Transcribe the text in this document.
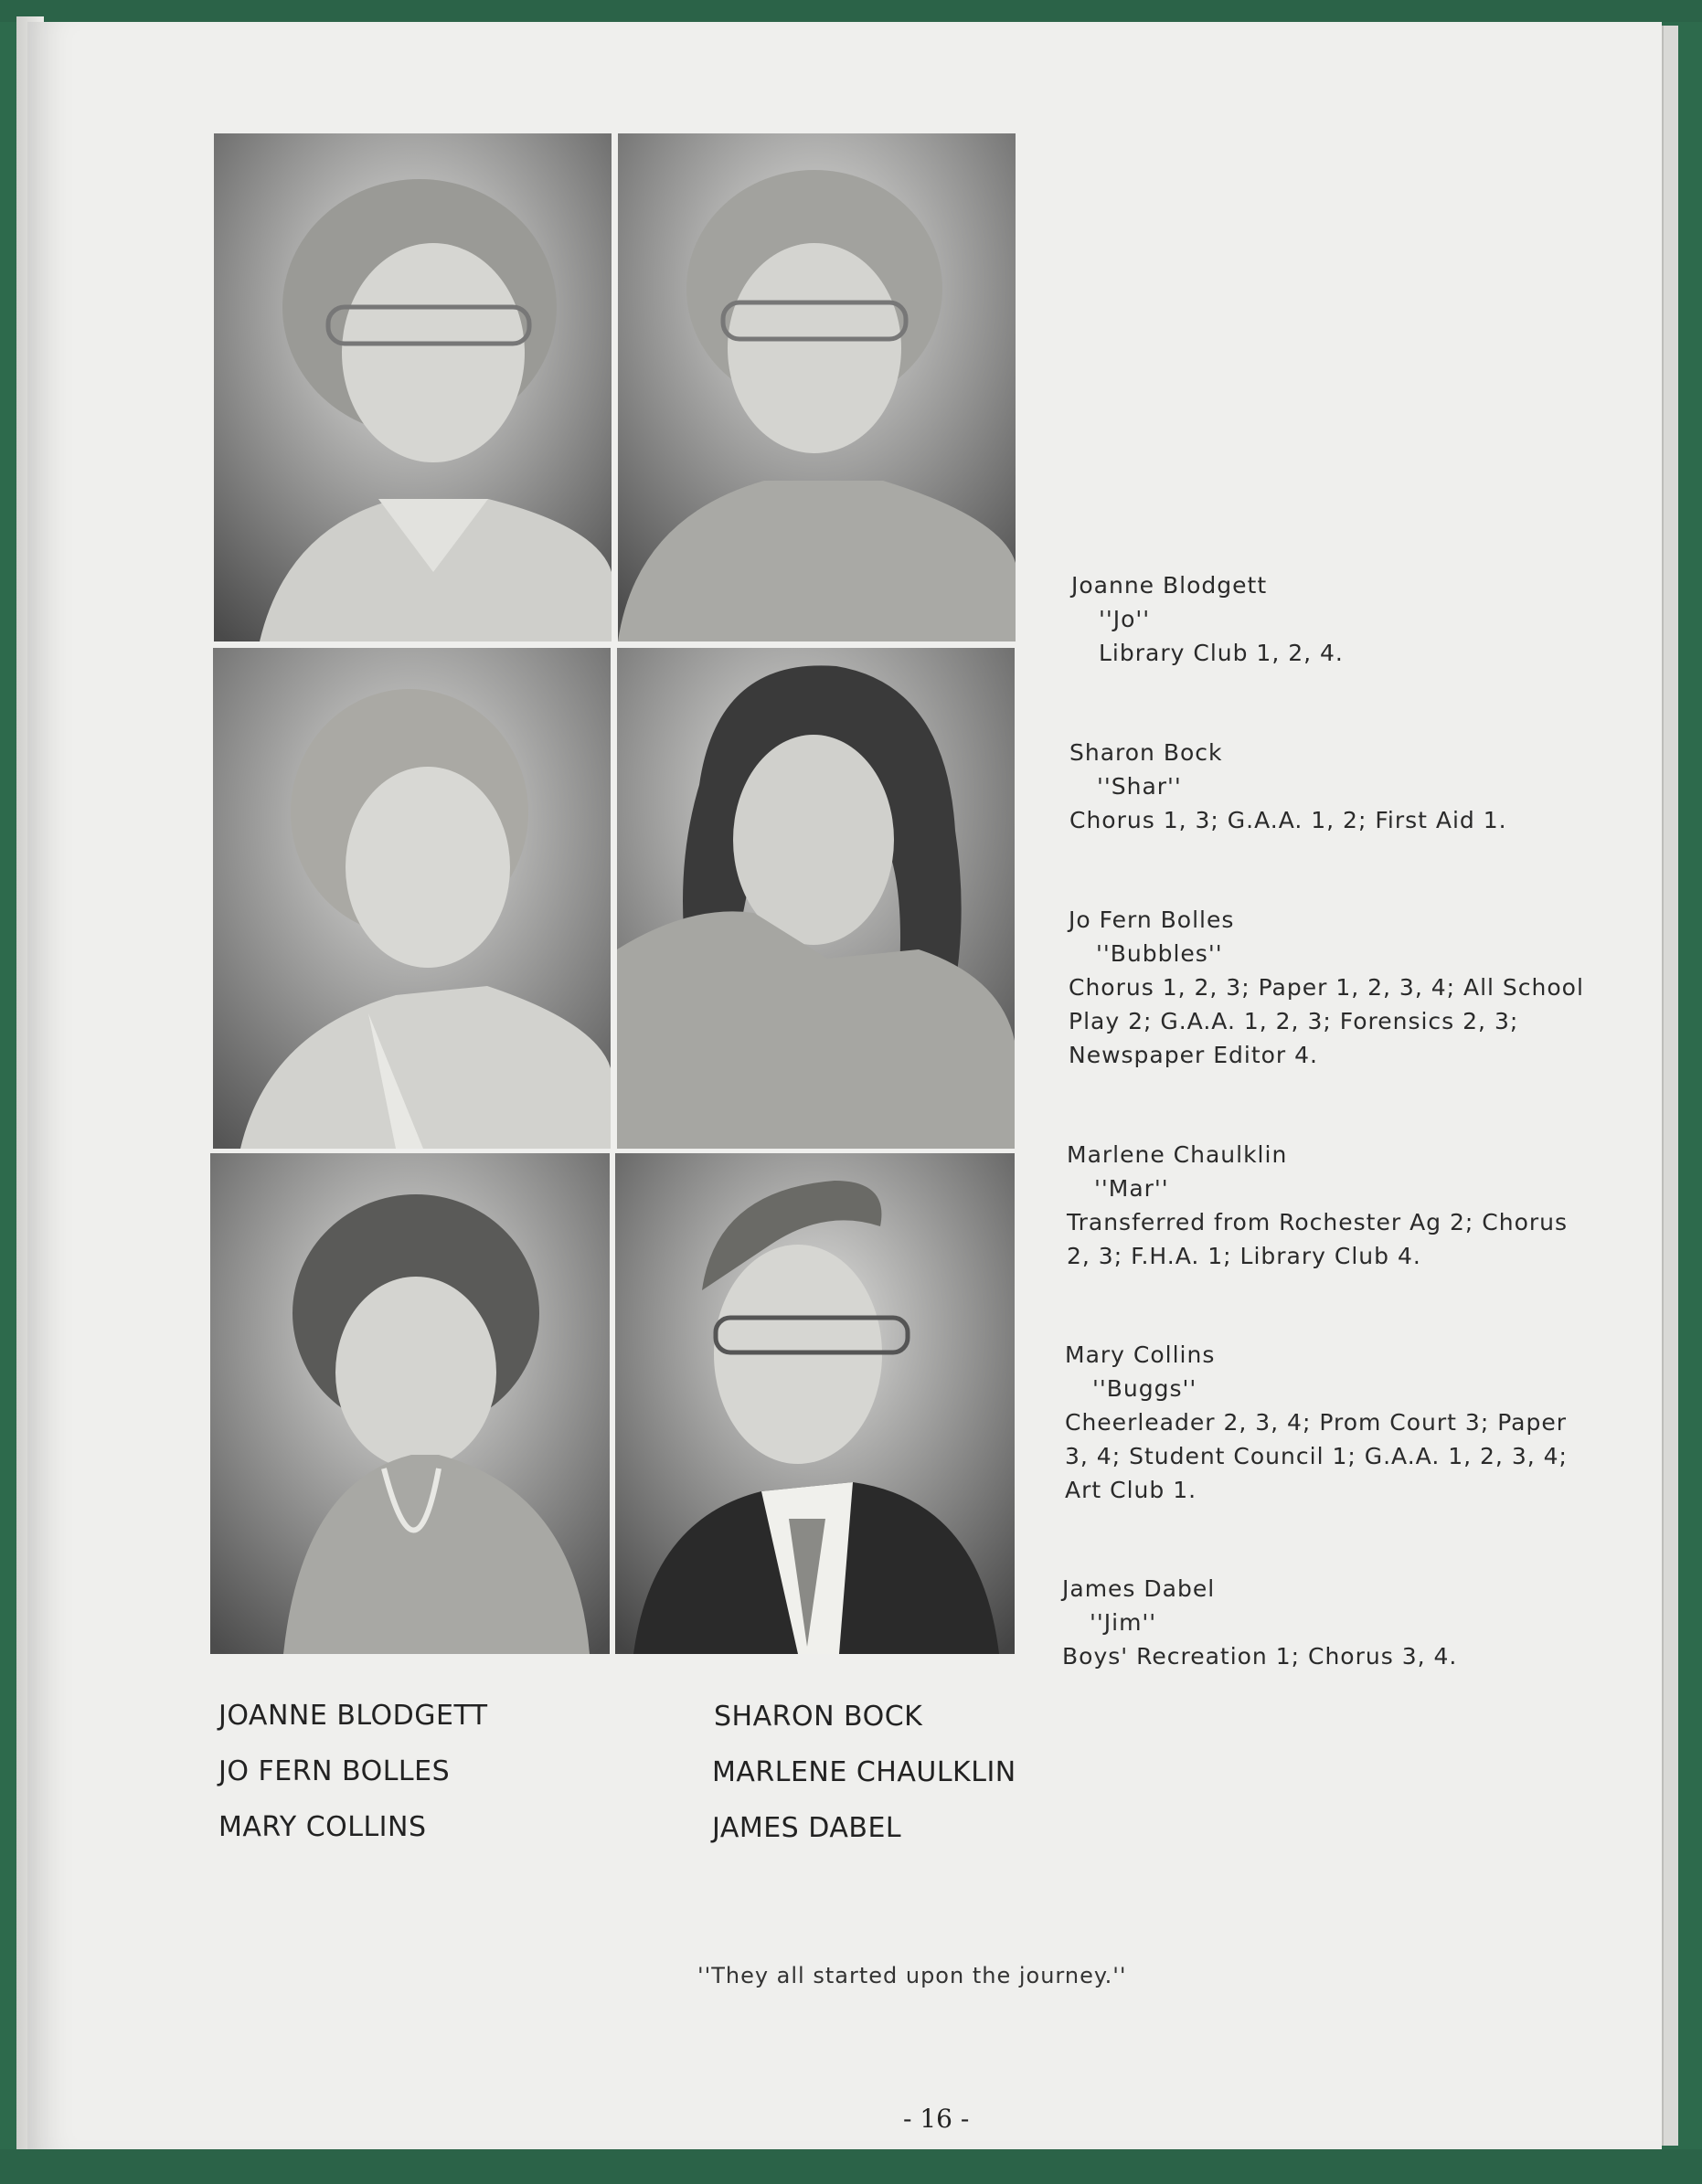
Joanne Blodgett
''Jo''
Library Club 1, 2, 4.
Sharon Bock
''Shar''
Chorus 1, 3; G.A.A. 1, 2; First Aid 1.
Jo Fern Bolles
''Bubbles''
Chorus 1, 2, 3; Paper 1, 2, 3, 4; All School Play 2; G.A.A. 1, 2, 3; Forensics 2, 3; Newspaper Editor 4.
Marlene Chaulklin
''Mar''
Transferred from Rochester Ag 2; Chorus 2, 3; F.H.A. 1; Library Club 4.
Mary Collins
''Buggs''
Cheerleader 2, 3, 4; Prom Court 3; Paper 3, 4; Student Council 1; G.A.A. 1, 2, 3, 4; Art Club 1.
James Dabel
''Jim''
Boys' Recreation 1; Chorus 3, 4.
JOANNE BLODGETT
JO FERN BOLLES
MARY COLLINS
SHARON BOCK
MARLENE CHAULKLIN
JAMES DABEL
''They all started upon the journey.''
- 16 -
